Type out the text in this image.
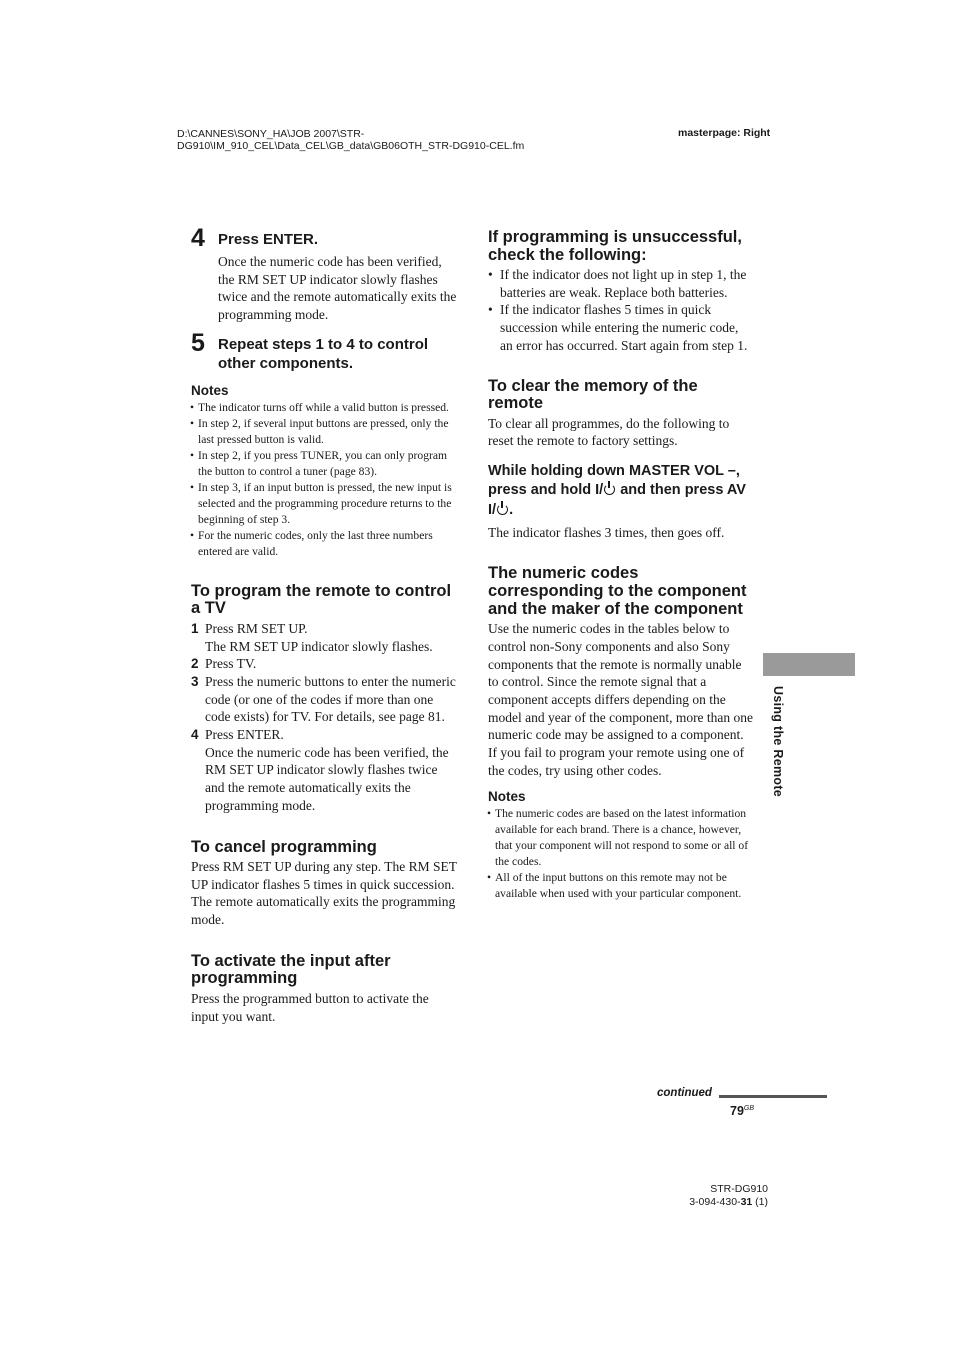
D:\CANNES\SONY_HA\JOB 2007\STR-
DG910\IM_910_CEL\Data_CEL\GB_data\GB06OTH_STR-DG910-CEL.fm
masterpage: Right
4 Press ENTER.

Once the numeric code has been verified, the RM SET UP indicator slowly flashes twice and the remote automatically exits the programming mode.

5 Repeat steps 1 to 4 to control other components.

Notes
• The indicator turns off while a valid button is pressed.
• In step 2, if several input buttons are pressed, only the last pressed button is valid.
• In step 2, if you press TUNER, you can only program the button to control a tuner (page 83).
• In step 3, if an input button is pressed, the new input is selected and the programming procedure returns to the beginning of step 3.
• For the numeric codes, only the last three numbers entered are valid.
To program the remote to control a TV
1 Press RM SET UP.
The RM SET UP indicator slowly flashes.
2 Press TV.
3 Press the numeric buttons to enter the numeric code (or one of the codes if more than one code exists) for TV. For details, see page 81.
4 Press ENTER.
Once the numeric code has been verified, the RM SET UP indicator slowly flashes twice and the remote automatically exits the programming mode.
To cancel programming

Press RM SET UP during any step. The RM SET UP indicator flashes 5 times in quick succession. The remote automatically exits the programming mode.

To activate the input after programming

Press the programmed button to activate the input you want.

If programming is unsuccessful, check the following:
• If the indicator does not light up in step 1, the batteries are weak. Replace both batteries.
• If the indicator flashes 5 times in quick succession while entering the numeric code, an error has occurred. Start again from step 1.
To clear the memory of the remote

To clear all programmes, do the following to reset the remote to factory settings.

While holding down MASTER VOL –, press and hold I/ and then press AV I/ .

The indicator flashes 3 times, then goes off.

The numeric codes corresponding to the component and the maker of the component

Use the numeric codes in the tables below to control non-Sony components and also Sony components that the remote is normally unable to control. Since the remote signal that a component accepts differs depending on the model and year of the component, more than one numeric code may be assigned to a component. If you fail to program your remote using one of the codes, try using other codes.

Notes
• The numeric codes are based on the latest information available for each brand. There is a chance, however, that your component will not respond to some or all of the codes.
• All of the input buttons on this remote may not be available when used with your particular component.
Using the Remote
continued
$79^{GB}$
STR-DG910
3-094-430-31 (1)
